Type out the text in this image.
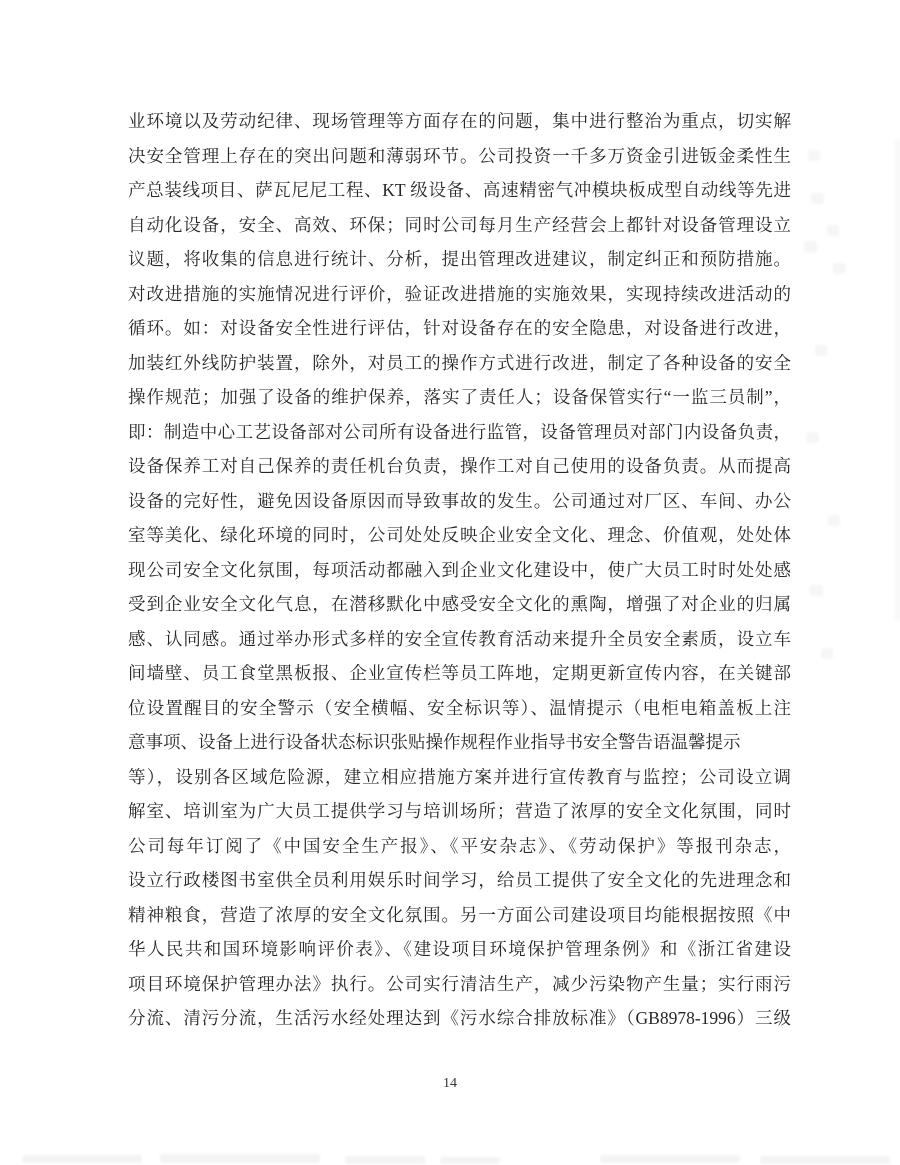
业环境以及劳动纪律、现场管理等方面存在的问题，集中进行整治为重点，切实解
决安全管理上存在的突出问题和薄弱环节。公司投资一千多万资金引进钣金柔性生
产总装线项目、萨瓦尼尼工程、KT 级设备、高速精密气冲模块板成型自动线等先进
自动化设备，安全、高效、环保；同时公司每月生产经营会上都针对设备管理设立
议题，将收集的信息进行统计、分析，提出管理改进建议，制定纠正和预防措施。
对改进措施的实施情况进行评价，验证改进措施的实施效果，实现持续改进活动的
循环。如：对设备安全性进行评估，针对设备存在的安全隐患，对设备进行改进，
加装红外线防护装置，除外，对员工的操作方式进行改进，制定了各种设备的安全
操作规范；加强了设备的维护保养，落实了责任人；设备保管实行“一监三员制”，
即：制造中心工艺设备部对公司所有设备进行监管，设备管理员对部门内设备负责，
设备保养工对自己保养的责任机台负责，操作工对自己使用的设备负责。从而提高
设备的完好性，避免因设备原因而导致事故的发生。公司通过对厂区、车间、办公
室等美化、绿化环境的同时，公司处处反映企业安全文化、理念、价值观，处处体
现公司安全文化氛围，每项活动都融入到企业文化建设中，使广大员工时时处处感
受到企业安全文化气息，在潜移默化中感受安全文化的熏陶，增强了对企业的归属
感、认同感。通过举办形式多样的安全宣传教育活动来提升全员安全素质，设立车
间墙壁、员工食堂黑板报、企业宣传栏等员工阵地，定期更新宣传内容，在关键部
位设置醒目的安全警示（安全横幅、安全标识等）、温情提示（电柜电箱盖板上注
意事项、设备上进行设备状态标识张贴操作规程作业指导书安全警告语温馨提示
等），设别各区域危险源，建立相应措施方案并进行宣传教育与监控；公司设立调
解室、培训室为广大员工提供学习与培训场所；营造了浓厚的安全文化氛围，同时
公司每年订阅了《中国安全生产报》、《平安杂志》、《劳动保护》等报刊杂志，
设立行政楼图书室供全员利用娱乐时间学习，给员工提供了安全文化的先进理念和
精神粮食，营造了浓厚的安全文化氛围。另一方面公司建设项目均能根据按照《中
华人民共和国环境影响评价表》、《建设项目环境保护管理条例》和《浙江省建设
项目环境保护管理办法》执行。公司实行清洁生产，减少污染物产生量；实行雨污
分流、清污分流，生活污水经处理达到《污水综合排放标准》（GB8978-1996）三级
14
